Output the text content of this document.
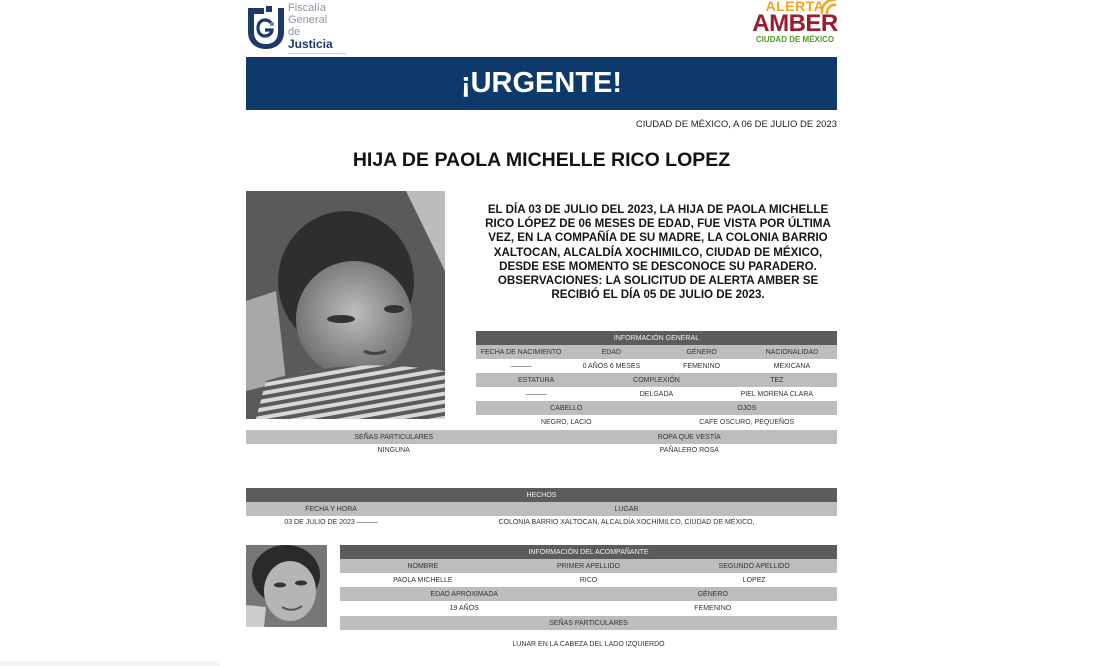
Fiscalía
General
de Justicia
ALERTA
AMBER
CIUDAD DE MÉXICO
¡URGENTE!
CIUDAD DE MÉXICO, A 06 DE JULIO DE 2023
HIJA DE PAOLA MICHELLE RICO LOPEZ
EL DÍA 03 DE JULIO DEL 2023, LA HIJA DE PAOLA MICHELLE RICO LÓPEZ DE 06 MESES DE EDAD, FUE VISTA POR ÚLTIMA VEZ, EN LA COMPAÑÍA DE SU MADRE, LA COLONIA BARRIO XALTOCAN, ALCALDÍA XOCHIMILCO, CIUDAD DE MÉXICO, DESDE ESE MOMENTO SE DESCONOCE SU PARADERO. OBSERVACIONES: LA SOLICITUD DE ALERTA AMBER SE RECIBIÓ EL DÍA 05 DE JULIO DE 2023.
INFORMACIÓN GENERAL
FECHA DE NACIMIENTO	EDAD	GÉNERO	NACIONALIDAD
———	0 AÑOS 6 MESES	FEMENINO	MEXICANA
ESTATURA	COMPLEXIÓN	TEZ
———	DELGADA	PIEL MORENA CLARA
CABELLO	OJOS
NEGRO, LACIO	CAFE OSCURO, PEQUEÑOS
SEÑAS PARTICULARES	ROPA QUE VESTÍA
NINGUNA	PAÑALERO ROSA
HECHOS
FECHA Y HORA	LUGAR
03 DE JULIO DE 2023 ———	COLONIA BARRIO XALTOCAN, ALCALDÍA XOCHIMILCO, CIUDAD DE MÉXICO,
INFORMACIÓN DEL ACOMPAÑANTE
NOMBRE	PRIMER APELLIDO	SEGUNDO APELLIDO
PAOLA MICHELLE	RICO	LOPEZ
EDAD APROXIMADA	GÉNERO
19 AÑOS	FEMENINO
SEÑAS PARTICULARES
LUNAR EN LA CABEZA DEL LADO IZQUIERDO
